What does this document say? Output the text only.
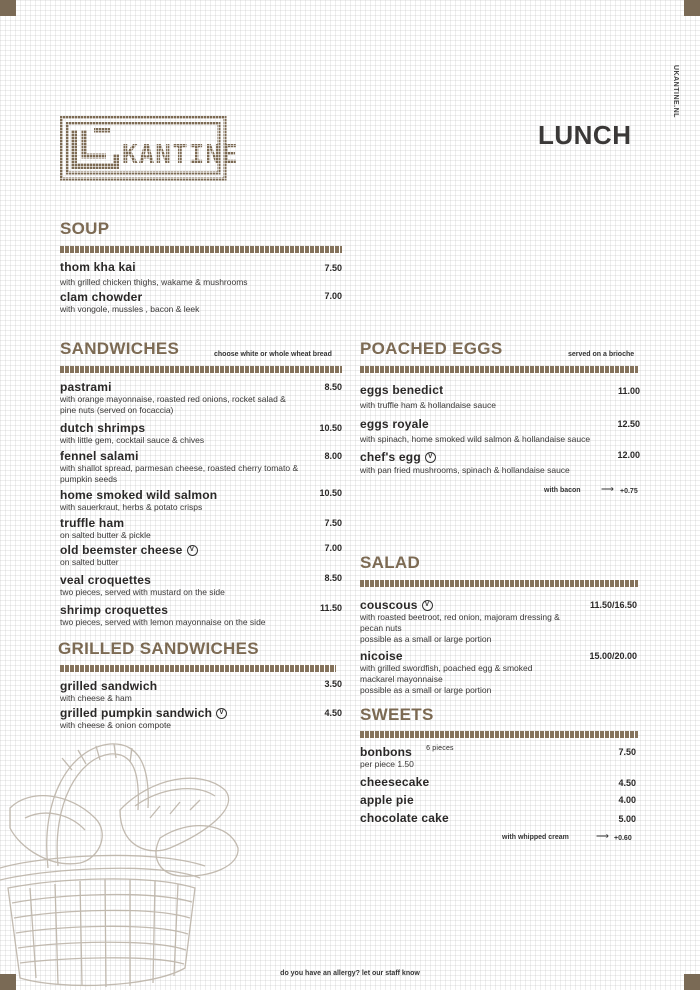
UKANTINE.NL
KANTINE
LUNCH
SOUP
thom kha kai
with grilled chicken thighs, wakame & mushrooms
7.50
clam chowder
with vongole, mussles , bacon & leek
7.00
SANDWICHES	choose white or whole wheat bread
pastrami
with orange mayonnaise, roasted red onions, rocket salad & pine nuts (served on focaccia)
8.50
dutch shrimps
with little gem, cocktail sauce & chives
10.50
fennel salami
with shallot spread, parmesan cheese, roasted cherry tomato & pumpkin seeds
8.00
home smoked wild salmon
with sauerkraut, herbs & potato crisps
10.50
truffle ham
on salted butter & pickle
7.50
old beemster cheese V
on salted butter
7.00
veal croquettes
two pieces, served with mustard on the side
8.50
shrimp croquettes
two pieces, served with lemon mayonnaise on the side
11.50
GRILLED SANDWICHES
grilled sandwich
with cheese & ham
3.50
grilled pumpkin sandwich V
with cheese & onion compote
4.50
POACHED EGGS	served on a brioche
eggs benedict
with truffle ham & hollandaise sauce
11.00
eggs royale
with spinach, home smoked wild salmon & hollandaise sauce
12.50
chef's egg V
with pan fried mushrooms, spinach & hollandaise sauce
12.00
with bacon ⟶ +0.75
SALAD
couscous V
with roasted beetroot, red onion, majoram dressing & pecan nuts
possible as a small or large portion
11.50/16.50
nicoise
with grilled swordfish, poached egg & smoked mackarel mayonnaise
possible as a small or large portion
15.00/20.00
SWEETS
bonbons $^{6 pieces}$
per piece 1.50
7.50
cheesecake	4.50
apple pie	4.00
chocolate cake	5.00
with whipped cream	⟶ +0.60
do you have an allergy? let our staff know
